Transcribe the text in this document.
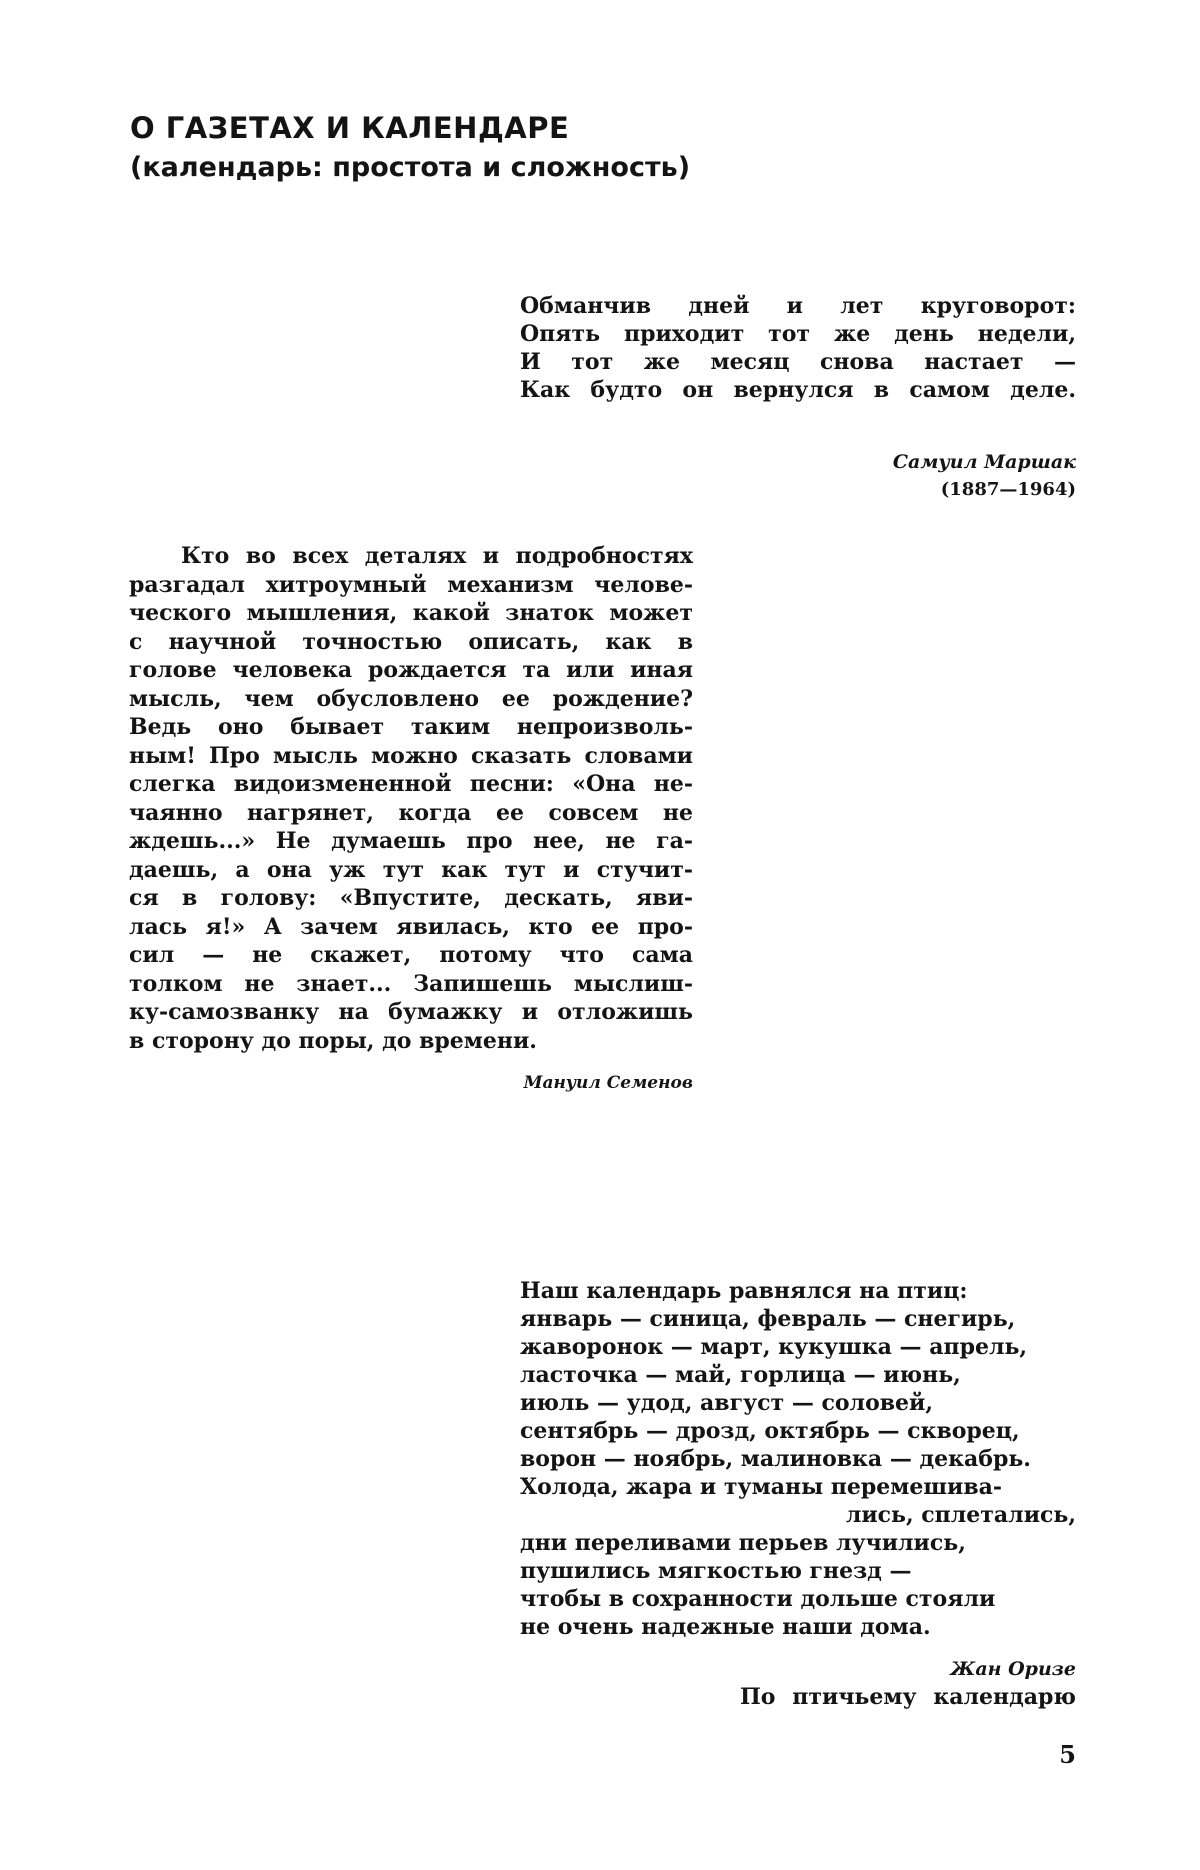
О ГАЗЕТАХ И КАЛЕНДАРЕ
(календарь: простота и сложность)
Обманчив дней и лет круговорот:
Опять приходит тот же день недели,
И тот же месяц снова настает —
Как будто он вернулся в самом деле.
Самуил Маршак
(1887—1964)
Кто во всех деталях и подробностях
разгадал хитроумный механизм челове-
ческого мышления, какой знаток может
с научной точностью описать, как в
голове человека рождается та или иная
мысль, чем обусловлено ее рождение?
Ведь оно бывает таким непроизволь-
ным! Про мысль можно сказать словами
слегка видоизмененной песни: «Она не-
чаянно нагрянет, когда ее совсем не
ждешь...» Не думаешь про нее, не га-
даешь, а она уж тут как тут и стучит-
ся в голову: «Впустите, дескать, яви-
лась я!» А зачем явилась, кто ее про-
сил — не скажет, потому что сама
толком не знает... Запишешь мыслиш-
ку-самозванку на бумажку и отложишь
в сторону до поры, до времени.
Мануил Семенов
Наш календарь равнялся на птиц:
январь — синица, февраль — снегирь,
жаворонок — март, кукушка — апрель,
ласточка — май, горлица — июнь,
июль — удод, август — соловей,
сентябрь — дрозд, октябрь — скворец,
ворон — ноябрь, малиновка — декабрь.
Холода, жара и туманы перемешива-
лись, сплетались,
дни переливами перьев лучились,
пушились мягкостью гнезд —
чтобы в сохранности дольше стояли
не очень надежные наши дома.
Жан Оризе
По птичьему календарю
5
